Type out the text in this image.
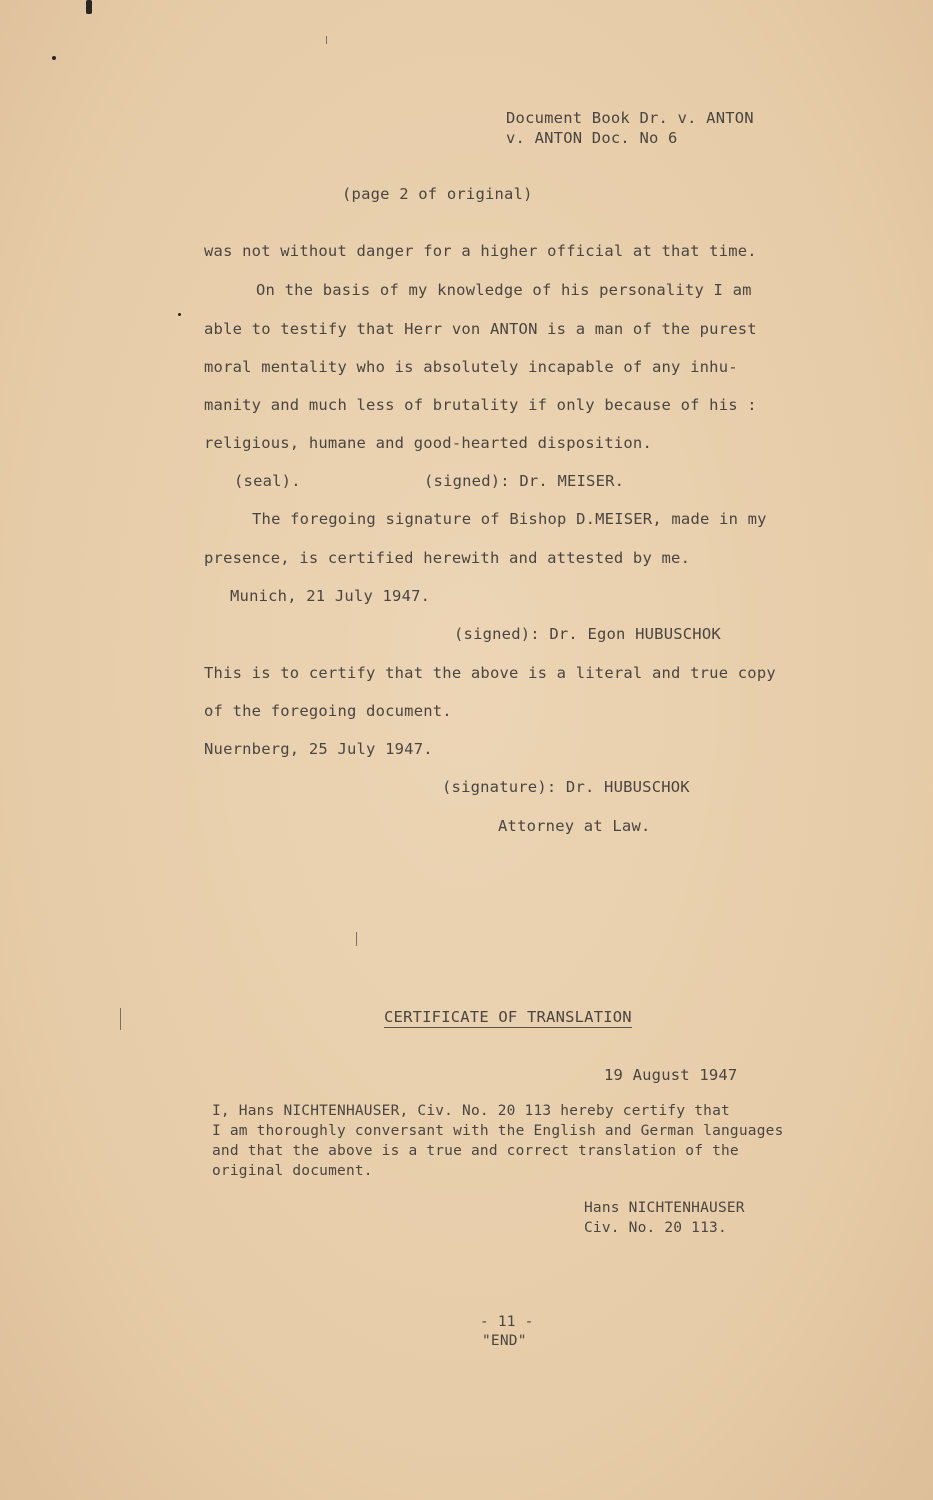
Document Book Dr. v. ANTON
v. ANTON Doc. No 6
(page 2 of original)
was not without danger for a higher official at that time.
On the basis of my knowledge of his personality I am
able to testify that Herr von ANTON is a man of the purest
moral mentality who is absolutely incapable of any inhu-
manity and much less of brutality if only because of his :
religious, humane and good-hearted disposition.
(seal).	(signed): Dr. MEISER.
The foregoing signature of Bishop D.MEISER, made in my
presence, is certified herewith and attested by me.
Munich, 21 July 1947.
(signed): Dr. Egon HUBUSCHOK
This is to certify that the above is a literal and true copy
of the foregoing document.
Nuernberg, 25 July 1947.
(signature): Dr. HUBUSCHOK
Attorney at Law.
CERTIFICATE OF TRANSLATION
19 August 1947
I, Hans NICHTENHAUSER, Civ. No. 20 113 hereby certify that
I am thoroughly conversant with the English and German languages
and that the above is a true and correct translation of the
original document.
Hans NICHTENHAUSER
Civ. No. 20 113.
- 11 -
"END"
